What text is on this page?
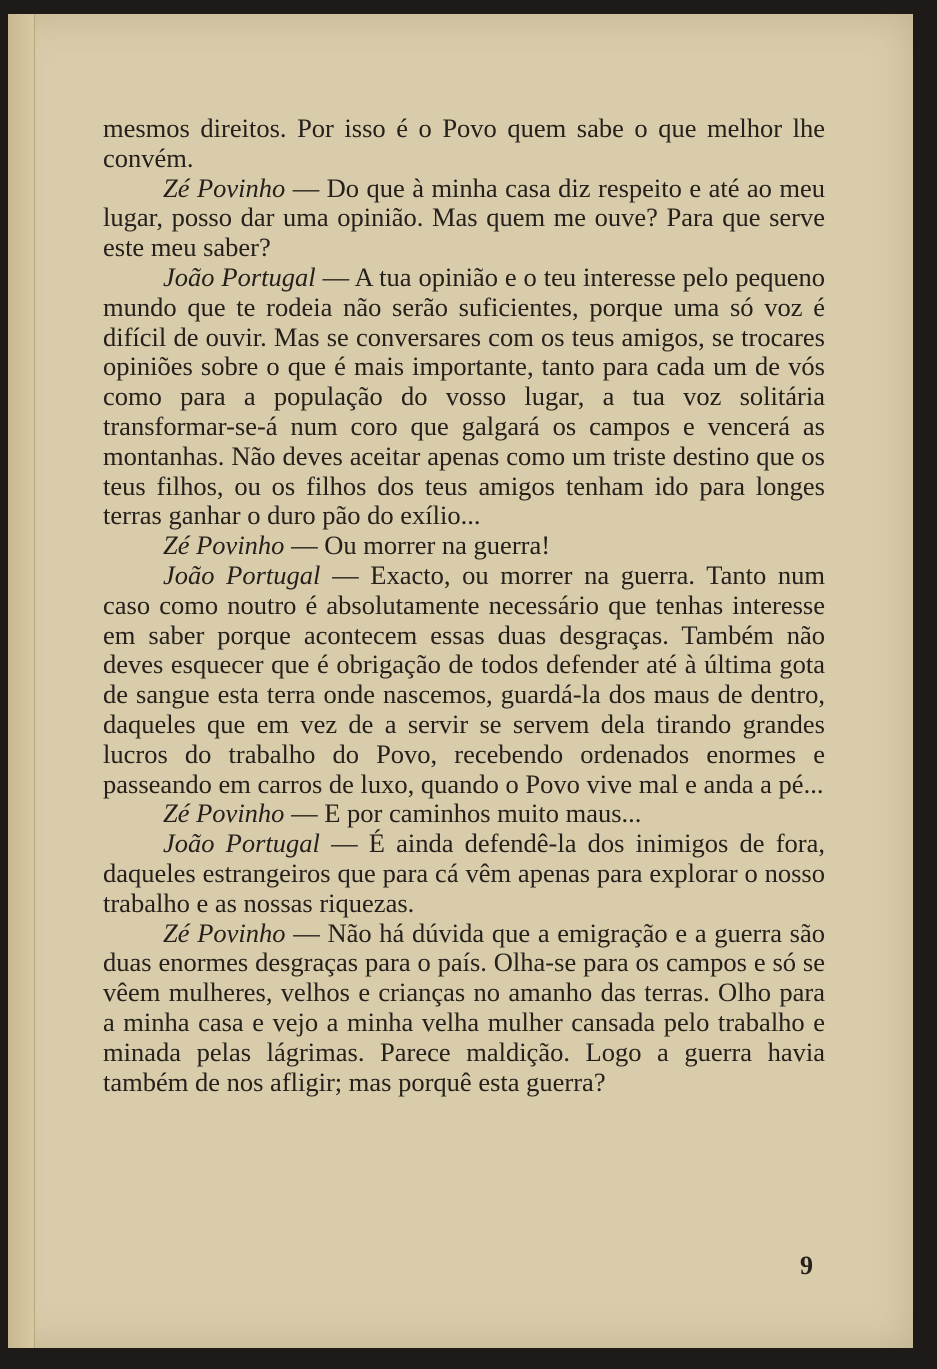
mesmos direitos. Por isso é o Povo quem sabe o que melhor lhe convém.

Zé Povinho — Do que à minha casa diz respeito e até ao meu lugar, posso dar uma opinião. Mas quem me ouve? Para que serve este meu saber?

João Portugal — A tua opinião e o teu interesse pelo pequeno mundo que te rodeia não serão suficientes, porque uma só voz é difícil de ouvir. Mas se conversares com os teus amigos, se trocares opiniões sobre o que é mais importante, tanto para cada um de vós como para a população do vosso lugar, a tua voz solitária transformar-se-á num coro que galgará os campos e vencerá as montanhas. Não deves aceitar apenas como um triste destino que os teus filhos, ou os filhos dos teus amigos tenham ido para longes terras ganhar o duro pão do exílio...

Zé Povinho — Ou morrer na guerra!

João Portugal — Exacto, ou morrer na guerra. Tanto num caso como noutro é absolutamente necessário que tenhas interesse em saber porque acontecem essas duas desgraças. Também não deves esquecer que é obrigação de todos defender até à última gota de sangue esta terra onde nascemos, guardá-la dos maus de dentro, daqueles que em vez de a servir se servem dela tirando grandes lucros do trabalho do Povo, recebendo ordenados enormes e passeando em carros de luxo, quando o Povo vive mal e anda a pé...

Zé Povinho — E por caminhos muito maus...

João Portugal — É ainda defendê-la dos inimigos de fora, daqueles estrangeiros que para cá vêm apenas para explorar o nosso trabalho e as nossas riquezas.

Zé Povinho — Não há dúvida que a emigração e a guerra são duas enormes desgraças para o país. Olha-se para os campos e só se vêem mulheres, velhos e crianças no amanho das terras. Olho para a minha casa e vejo a minha velha mulher cansada pelo trabalho e minada pelas lágrimas. Parece maldição. Logo a guerra havia também de nos afligir; mas porquê esta guerra?

9
